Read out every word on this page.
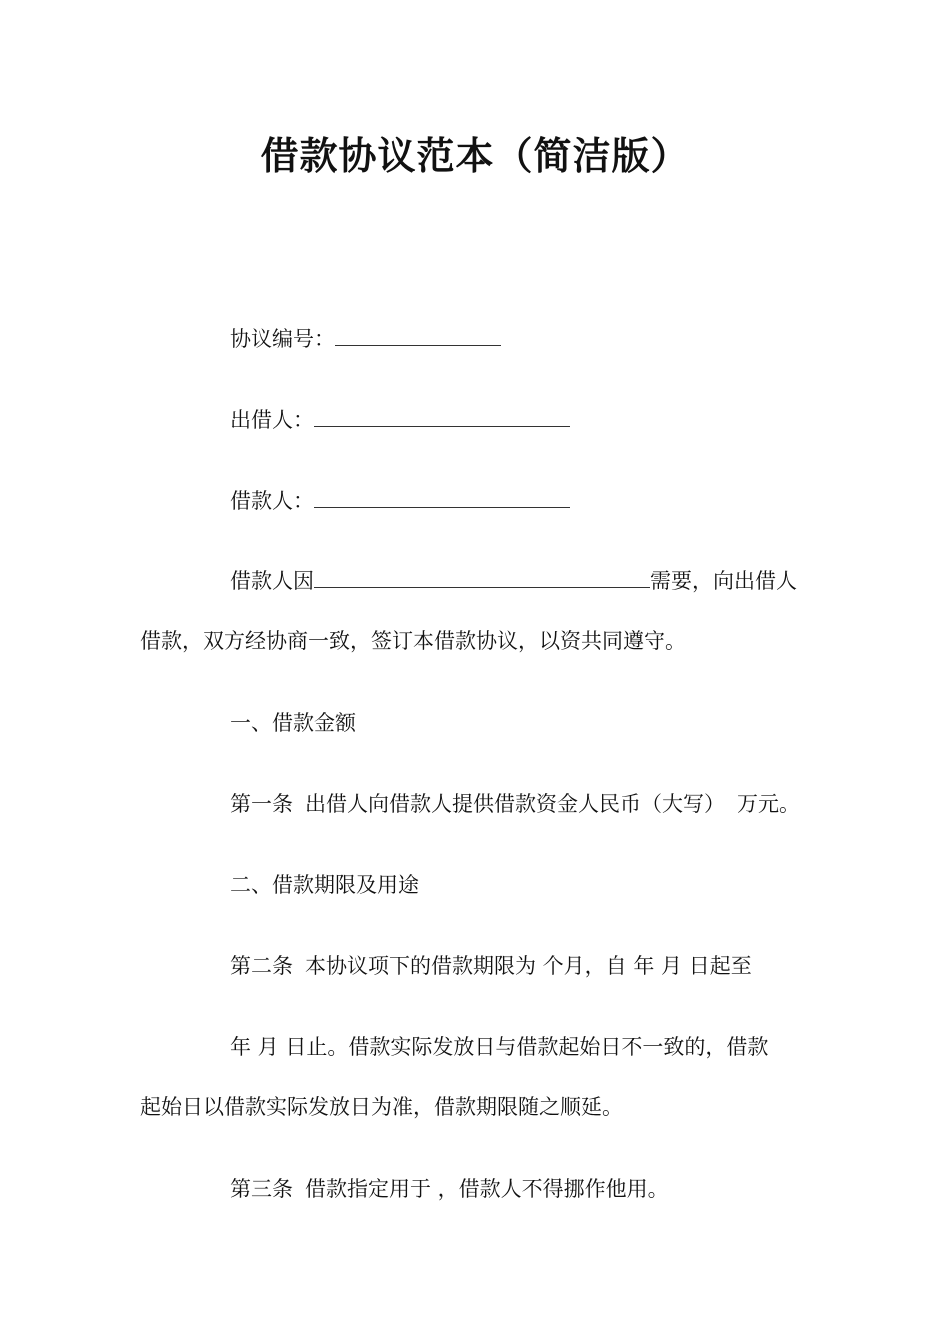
借款协议范本（简洁版）
协议编号：
出借人：
借款人：
借款人因	需要，向出借人
借款，双方经协商一致，签订本借款协议，以资共同遵守。
一、借款金额
第一条 出借人向借款人提供借款资金人民币（大写） 万元。
二、借款期限及用途
第二条 本协议项下的借款期限为 个月，自 年 月 日起至
年 月 日止。借款实际发放日与借款起始日不一致的，借款
起始日以借款实际发放日为准，借款期限随之顺延。
第三条 借款指定用于 ，借款人不得挪作他用。
